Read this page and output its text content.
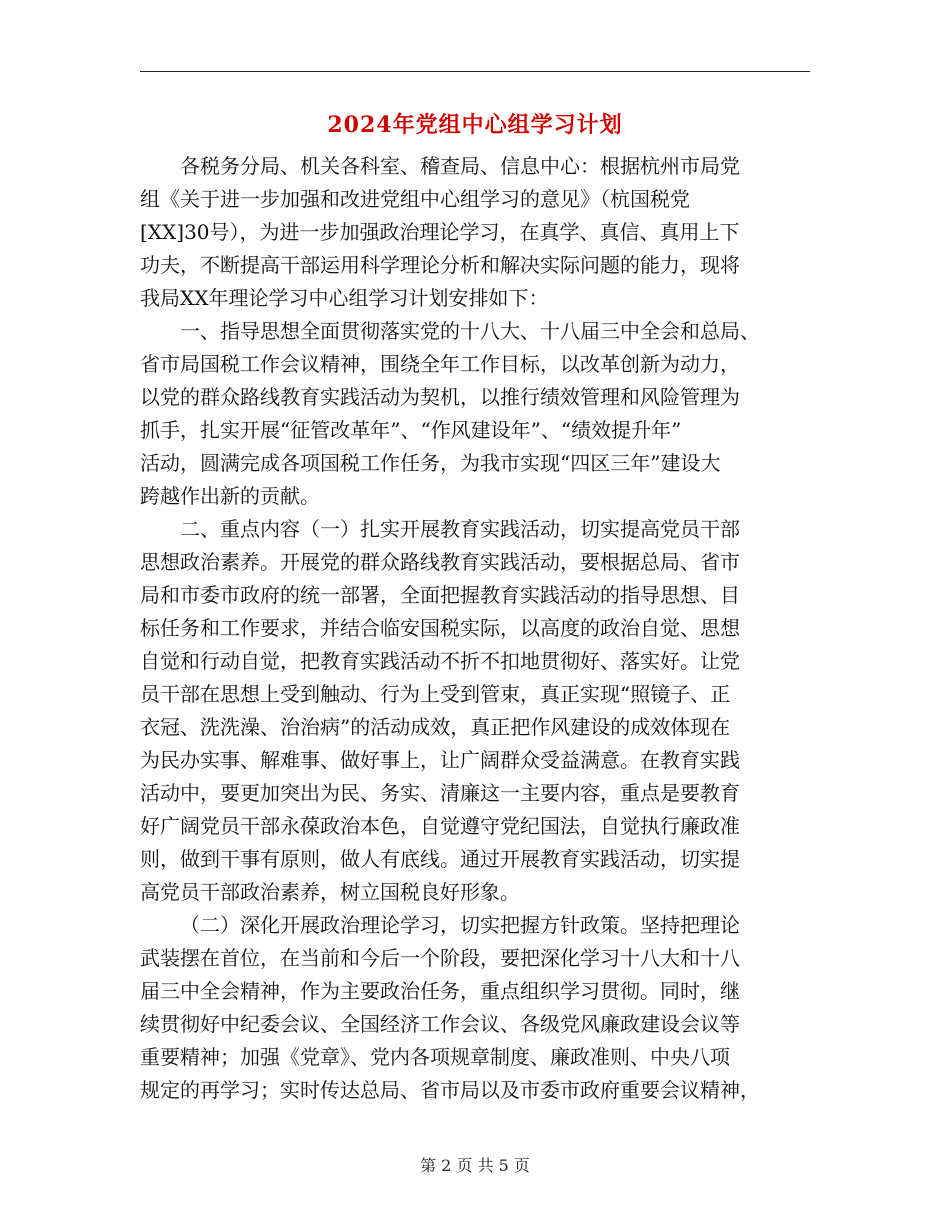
2024年党组中心组学习计划
各税务分局、机关各科室、稽查局、信息中心：根据杭州市局党
组《关于进一步加强和改进党组中心组学习的意见》（杭国税党
[XX]30号），为进一步加强政治理论学习，在真学、真信、真用上下
功夫，不断提高干部运用科学理论分析和解决实际问题的能力，现将
我局XX年理论学习中心组学习计划安排如下：
一、指导思想全面贯彻落实党的十八大、十八届三中全会和总局、
省市局国税工作会议精神，围绕全年工作目标，以改革创新为动力，
以党的群众路线教育实践活动为契机，以推行绩效管理和风险管理为
抓手，扎实开展“征管改革年”、“作风建设年”、“绩效提升年”
活动，圆满完成各项国税工作任务，为我市实现“四区三年”建设大
跨越作出新的贡献。
二、重点内容（一）扎实开展教育实践活动，切实提高党员干部
思想政治素养。开展党的群众路线教育实践活动，要根据总局、省市
局和市委市政府的统一部署，全面把握教育实践活动的指导思想、目
标任务和工作要求，并结合临安国税实际，以高度的政治自觉、思想
自觉和行动自觉，把教育实践活动不折不扣地贯彻好、落实好。让党
员干部在思想上受到触动、行为上受到管束，真正实现“照镜子、正
衣冠、洗洗澡、治治病”的活动成效，真正把作风建设的成效体现在
为民办实事、解难事、做好事上，让广阔群众受益满意。在教育实践
活动中，要更加突出为民、务实、清廉这一主要内容，重点是要教育
好广阔党员干部永葆政治本色，自觉遵守党纪国法，自觉执行廉政准
则，做到干事有原则，做人有底线。通过开展教育实践活动，切实提
高党员干部政治素养，树立国税良好形象。
（二）深化开展政治理论学习，切实把握方针政策。坚持把理论
武装摆在首位，在当前和今后一个阶段，要把深化学习十八大和十八
届三中全会精神，作为主要政治任务，重点组织学习贯彻。同时，继
续贯彻好中纪委会议、全国经济工作会议、各级党风廉政建设会议等
重要精神；加强《党章》、党内各项规章制度、廉政准则、中央八项
规定的再学习；实时传达总局、省市局以及市委市政府重要会议精神，
第 2 页 共 5 页
